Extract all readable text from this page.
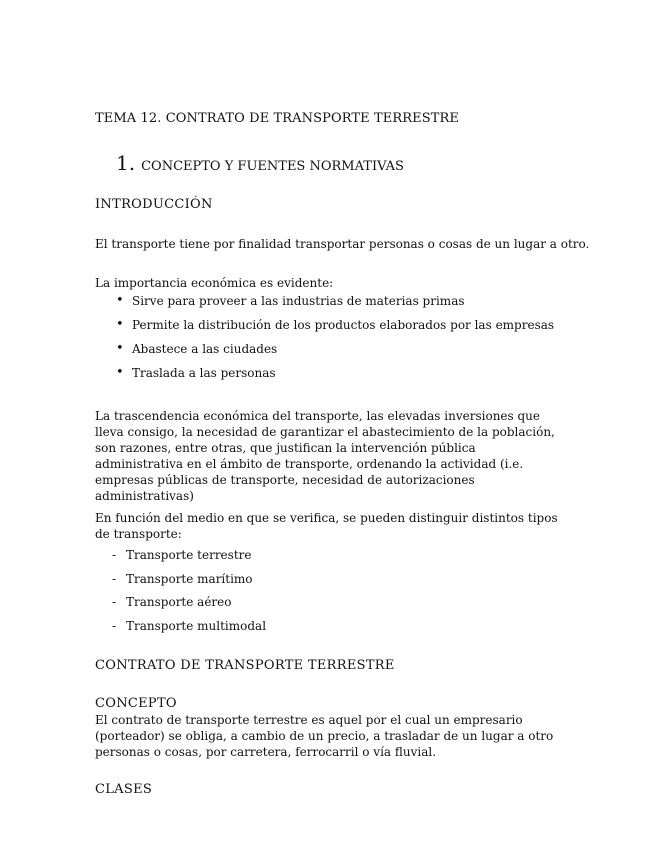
TEMA 12. CONTRATO DE TRANSPORTE TERRESTRE
1. CONCEPTO Y FUENTES NORMATIVAS
INTRODUCCIÓN
El transporte tiene por finalidad transportar personas o cosas de un lugar a otro.
La importancia económica es evidente:
• Sirve para proveer a las industrias de materias primas
• Permite la distribución de los productos elaborados por las empresas
• Abastece a las ciudades
• Traslada a las personas
La trascendencia económica del transporte, las elevadas inversiones que lleva consigo, la necesidad de garantizar el abastecimiento de la población, son razones, entre otras, que justifican la intervención pública administrativa en el ámbito de transporte, ordenando la actividad (i.e. empresas públicas de transporte, necesidad de autorizaciones administrativas)
En función del medio en que se verifica, se pueden distinguir distintos tipos de transporte:
- Transporte terrestre
- Transporte marítimo
- Transporte aéreo
- Transporte multimodal
CONTRATO DE TRANSPORTE TERRESTRE
CONCEPTO
El contrato de transporte terrestre es aquel por el cual un empresario (porteador) se obliga, a cambio de un precio, a trasladar de un lugar a otro personas o cosas, por carretera, ferrocarril o vía fluvial.
CLASES
